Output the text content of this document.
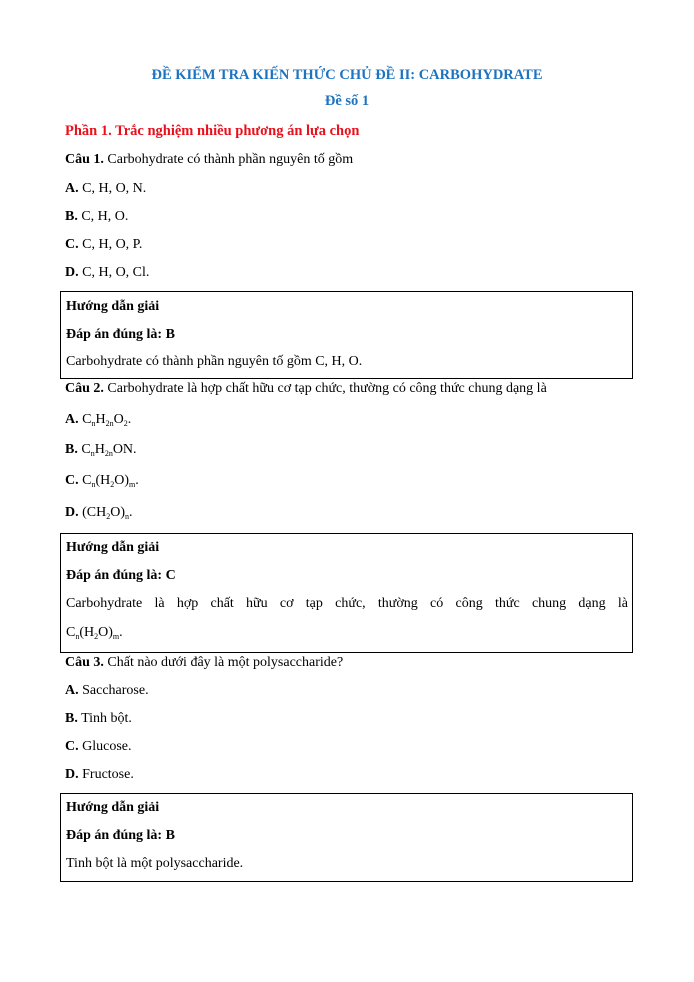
ĐỀ KIỂM TRA KIẾN THỨC CHỦ ĐỀ II: CARBOHYDRATE
Đề số 1
Phần 1. Trắc nghiệm nhiều phương án lựa chọn
Câu 1. Carbohydrate có thành phần nguyên tố gồm
A. C, H, O, N.
B. C, H, O.
C. C, H, O, P.
D. C, H, O, Cl.
Hướng dẫn giải
Đáp án đúng là: B
Carbohydrate có thành phần nguyên tố gồm C, H, O.
Câu 2. Carbohydrate là hợp chất hữu cơ tạp chức, thường có công thức chung dạng là
A. $C_nH_{2n}O_2$.
B. $C_nH_{2n}ON$.
C. $C_n(H_2O)_m$.
D. $(CH_2O)_n$.
Hướng dẫn giải
Đáp án đúng là: C
Carbohydrate là hợp chất hữu cơ tạp chức, thường có công thức chung dạng là
$C_n(H_2O)_m$.
Câu 3. Chất nào dưới đây là một polysaccharide?
A. Saccharose.
B. Tinh bột.
C. Glucose.
D. Fructose.
Hướng dẫn giải
Đáp án đúng là: B
Tinh bột là một polysaccharide.
